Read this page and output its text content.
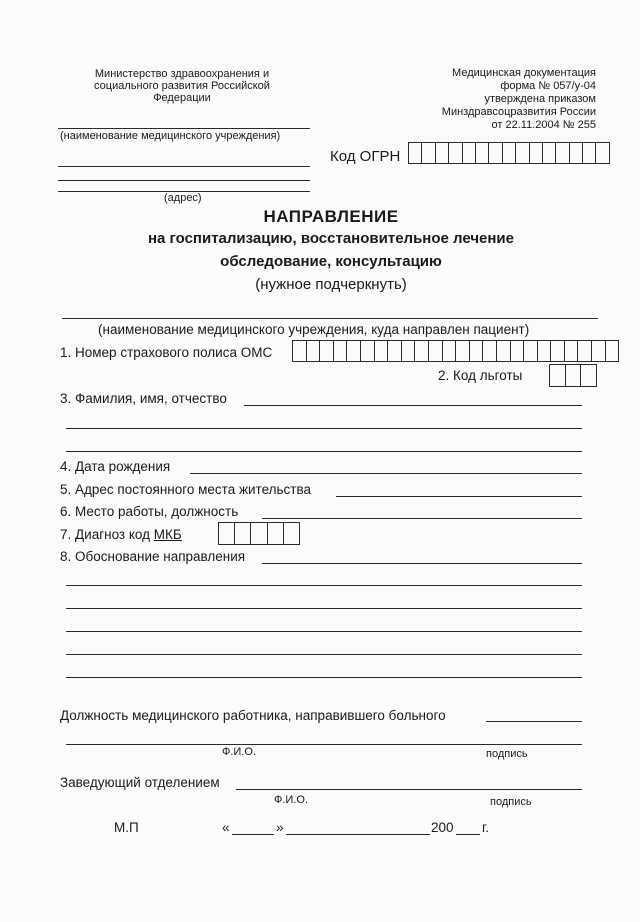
Министерство здравоохранения и
социального развития Российской
Федерации
Медицинская документация
форма № 057/у-04
утверждена приказом
Минздравсоцразвития России
от 22.11.2004 № 255
(наименование медицинского учреждения)
(адрес)
Код ОГРН
НАПРАВЛЕНИЕ
на госпитализацию, восстановительное лечение
обследование, консультацию
(нужное подчеркнуть)
(наименование медицинского учреждения, куда направлен пациент)
1. Номер страхового полиса ОМС
2. Код льготы
3. Фамилия, имя, отчество
4. Дата рождения
5. Адрес постоянного места жительства
6. Место работы, должность
7. Диагноз код МКБ
8. Обоснование направления
Должность медицинского работника, направившего больного
Ф.И.О.	подпись
Заведующий отделением
Ф.И.О.	подпись
М.П	«	»	200 г.
